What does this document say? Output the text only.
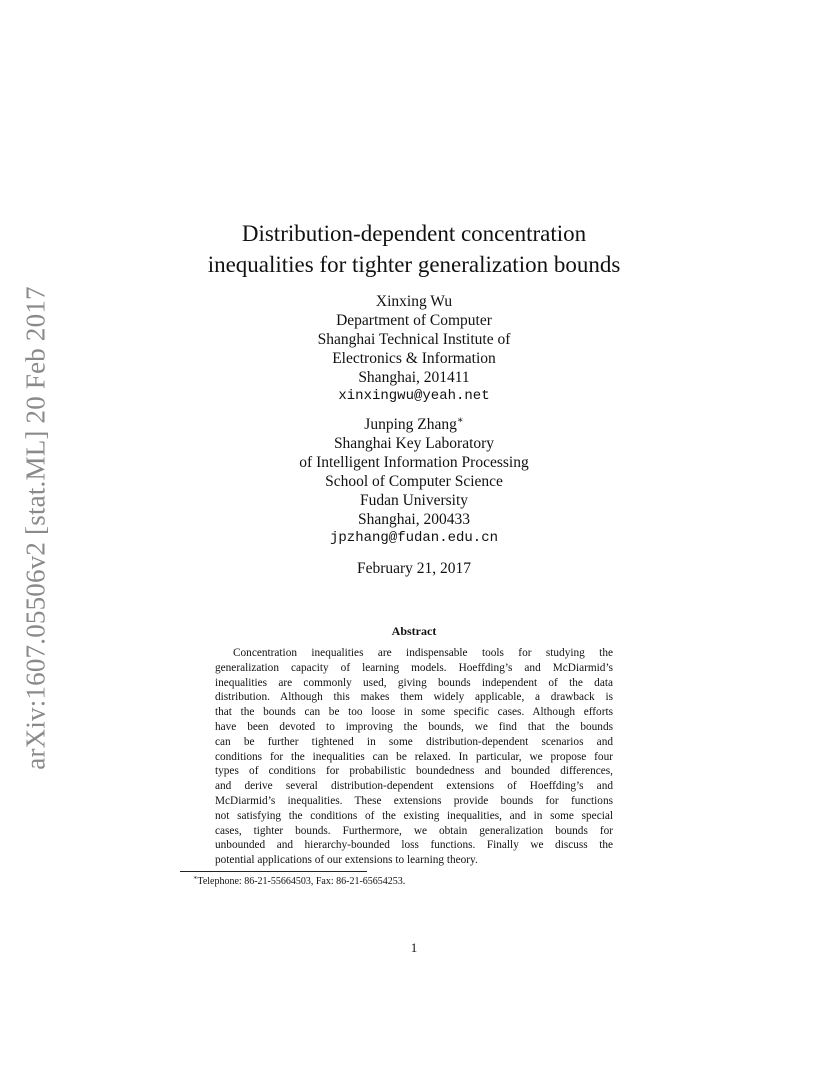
arXiv:1607.05506v2 [stat.ML] 20 Feb 2017
Distribution-dependent concentration
inequalities for tighter generalization bounds
Xinxing Wu
Department of Computer
Shanghai Technical Institute of
Electronics & Information
Shanghai, 201411
xinxingwu@yeah.net
Junping Zhang∗
Shanghai Key Laboratory
of Intelligent Information Processing
School of Computer Science
Fudan University
Shanghai, 200433
jpzhang@fudan.edu.cn
February 21, 2017
Abstract
Concentration inequalities are indispensable tools for studying the
generalization capacity of learning models. Hoeffding’s and McDiarmid’s
inequalities are commonly used, giving bounds independent of the data
distribution. Although this makes them widely applicable, a drawback is
that the bounds can be too loose in some specific cases. Although efforts
have been devoted to improving the bounds, we find that the bounds
can be further tightened in some distribution-dependent scenarios and
conditions for the inequalities can be relaxed. In particular, we propose four
types of conditions for probabilistic boundedness and bounded differences,
and derive several distribution-dependent extensions of Hoeffding’s and
McDiarmid’s inequalities. These extensions provide bounds for functions
not satisfying the conditions of the existing inequalities, and in some special
cases, tighter bounds. Furthermore, we obtain generalization bounds for
unbounded and hierarchy-bounded loss functions. Finally we discuss the
potential applications of our extensions to learning theory.
∗Telephone: 86-21-55664503, Fax: 86-21-65654253.
1
